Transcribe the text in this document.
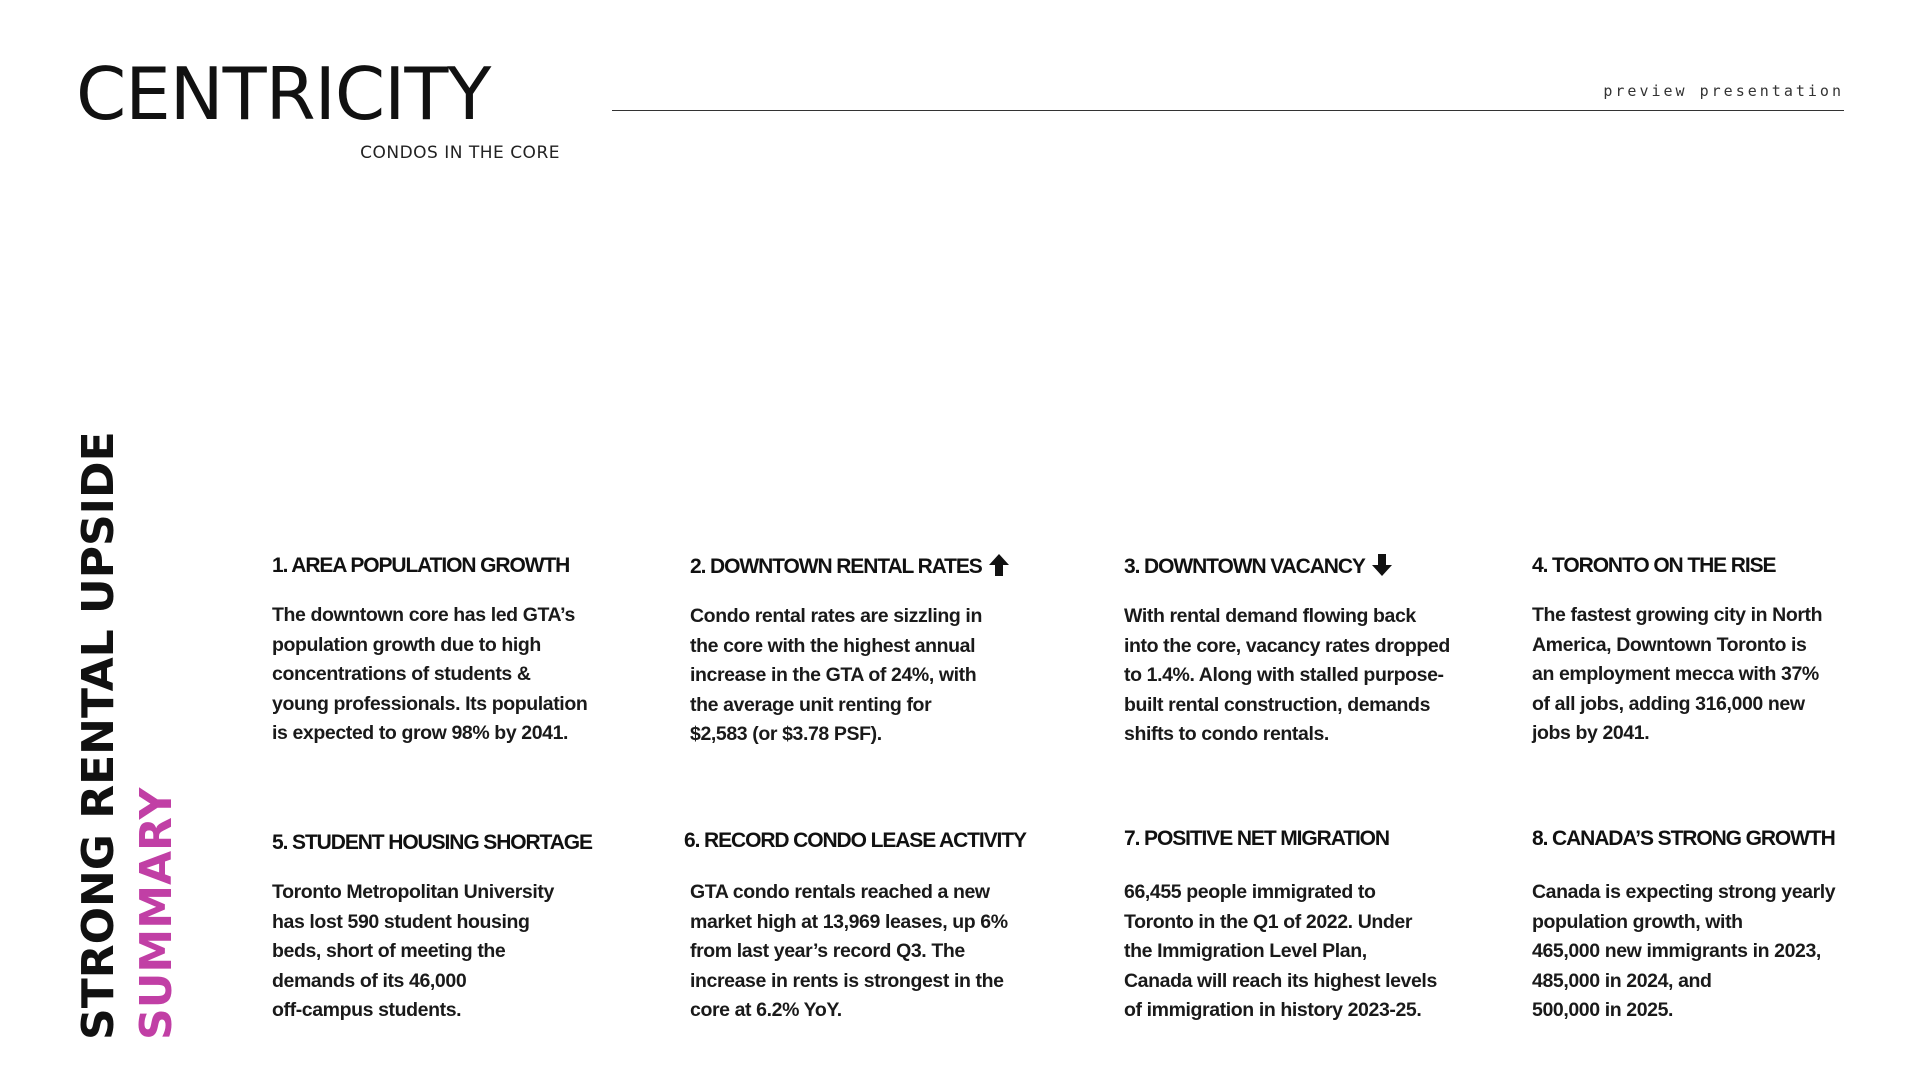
CENTRICITY
CONDOS IN THE CORE
preview presentation
STRONG RENTAL UPSIDE SUMMARY
1. AREA POPULATION GROWTH
The downtown core has led GTA’s
population growth due to high
concentrations of students &
young professionals. Its population
is expected to grow 98% by 2041.
2. DOWNTOWN RENTAL RATES
Condo rental rates are sizzling in
the core with the highest annual
increase in the GTA of 24%, with
the average unit renting for
$2,583 (or $3.78 PSF).
3. DOWNTOWN VACANCY
With rental demand flowing back
into the core, vacancy rates dropped
to 1.4%. Along with stalled purpose-
built rental construction, demands
shifts to condo rentals.
4. TORONTO ON THE RISE
The fastest growing city in North
America, Downtown Toronto is
an employment mecca with 37%
of all jobs, adding 316,000 new
jobs by 2041.
5. STUDENT HOUSING SHORTAGE
Toronto Metropolitan University
has lost 590 student housing
beds, short of meeting the
demands of its 46,000
off-campus students.
6. RECORD CONDO LEASE ACTIVITY
GTA condo rentals reached a new
market high at 13,969 leases, up 6%
from last year’s record Q3. The
increase in rents is strongest in the
core at 6.2% YoY.
7. POSITIVE NET MIGRATION
66,455 people immigrated to
Toronto in the Q1 of 2022. Under
the Immigration Level Plan,
Canada will reach its highest levels
of immigration in history 2023-25.
8. CANADA’S STRONG GROWTH
Canada is expecting strong yearly
population growth, with
465,000 new immigrants in 2023,
485,000 in 2024, and
500,000 in 2025.
